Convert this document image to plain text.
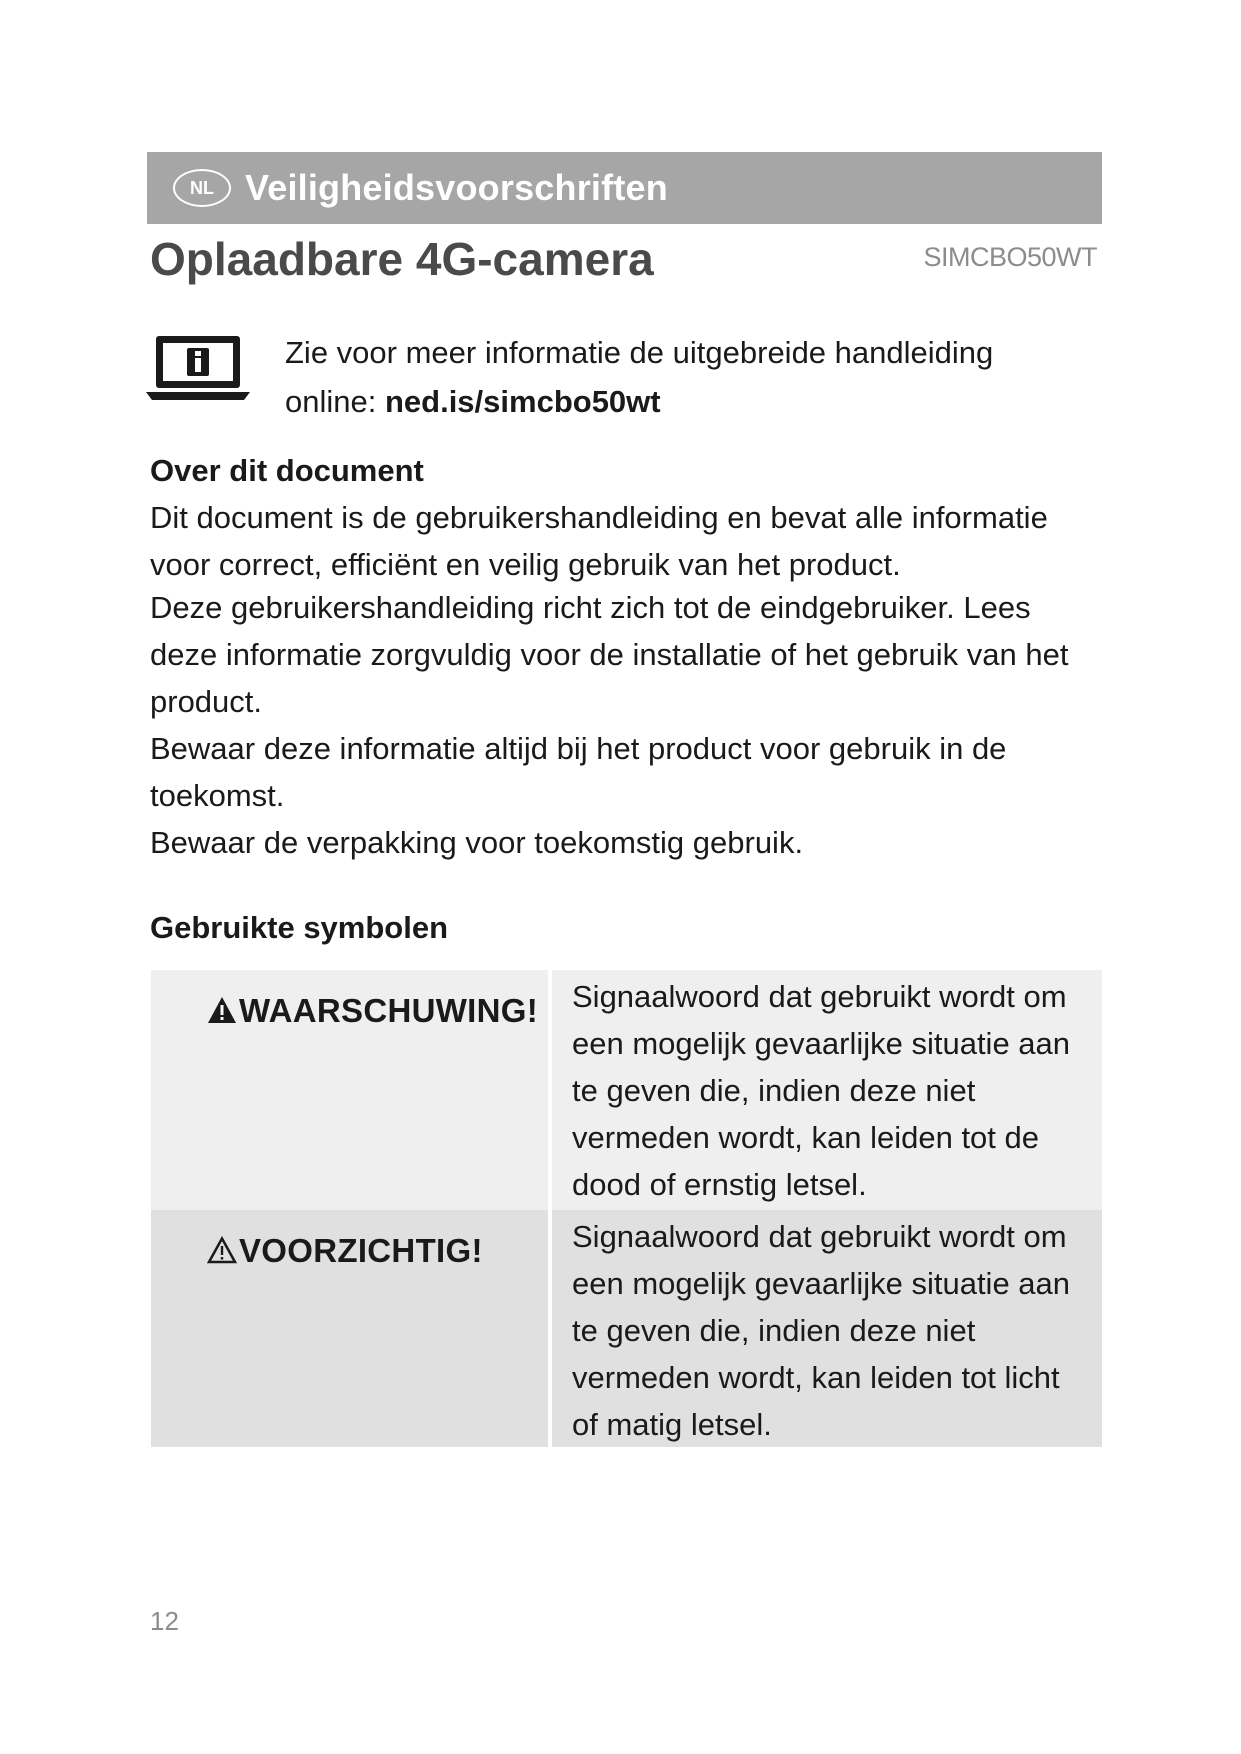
NL Veiligheidsvoorschriften
Oplaadbare 4G-camera	SIMCBO50WT
Zie voor meer informatie de uitgebreide handleiding
online: ned.is/simcbo50wt
Over dit document

Dit document is de gebruikershandleiding en bevat alle informatie voor correct, efficiënt en veilig gebruik van het product.

Deze gebruikershandleiding richt zich tot de eindgebruiker. Lees deze informatie zorgvuldig voor de installatie of het gebruik van het product.

Bewaar deze informatie altijd bij het product voor gebruik in de toekomst.

Bewaar de verpakking voor toekomstig gebruik.

Gebruikte symbolen
WAARSCHUWING!	Signaalwoord dat gebruikt wordt om een mogelijk gevaarlijke situatie aan te geven die, indien deze niet vermeden wordt, kan leiden tot de dood of ernstig letsel.
VOORZICHTIG!	Signaalwoord dat gebruikt wordt om een mogelijk gevaarlijke situatie aan te geven die, indien deze niet vermeden wordt, kan leiden tot licht of matig letsel.
12
